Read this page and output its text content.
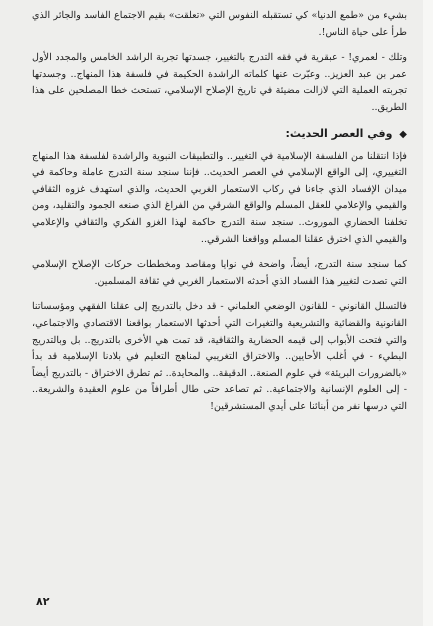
بشيء من «طمع الدنيا» كي تستقبله النفوس التي «تعلقت» بقيم الاجتماع الفاسد والجائر الذي طرأ على حياة الناس!.

وتلك - لعمري! - عبقرية في فقه التدرج بالتغيير، جسدتها تجربة الراشد الخامس والمجدد الأول عمر بن عبد العزيز.. وعبّرت عنها كلماته الراشدة الحكيمة في فلسفة هذا المنهاج.. وجسدتها تجربته العملية التي لازالت مضيئة في تاريخ الإصلاح الإسلامي، تستحث خطا المصلحين على هذا الطريق..

◆ وفي العصر الحديث:

فإذا انتقلنا من الفلسفة الإسلامية في التغيير.. والتطبيقات النبوية والراشدة لفلسفة هذا المنهاج التغييري، إلى الواقع الإسلامي في العصر الحديث.. فإننا سنجد سنة التدرج عاملة وحاكمة في ميدان الإفساد الذي جاءنا في ركاب الاستعمار الغربي الحديث، والذي استهدف غزوه الثقافي والقيمي والإعلامي للعقل المسلم والواقع الشرقي من الفراغ الذي صنعه الجمود والتقليد، ومن تخلفنا الحضاري الموروث.. سنجد سنة التدرج حاكمة لهذا الغزو الفكري والثقافي والإعلامي والقيمي الذي اخترق عقلنا المسلم وواقعنا الشرقي..

كما سنجد سنة التدرج، أيضاً، واضحة في نوايا ومقاصد ومخططات حركات الإصلاح الإسلامي التي تصدت لتغيير هذا الفساد الذي أحدثه الاستعمار الغربي في ثقافة المسلمين.

فالتسلل القانوني - للقانون الوضعي العلماني - قد دخل بالتدريج إلى عقلنا الفقهي ومؤسساتنا القانونية والقضائية والتشريعية والتغيرات التي أحدثها الاستعمار بواقعنا الاقتصادي والاجتماعي، والتي فتحت الأبواب إلى قيمه الحضارية والثقافية، قد تمت هي الأخرى بالتدريج.. بل وبالتدريج البطيء - في أغلب الأحايين.. والاختراق التغريبي لمناهج التعليم في بلادنا الإسلامية قد بدأ «بالضرورات البريئة» في علوم الصنعة.. الدقيقة.. والمحايدة.. ثم تطرق الاختراق - بالتدريج أيضاً - إلى العلوم الإنسانية والاجتماعية.. ثم تصاعد حتى طال أطرافاً من علوم العقيدة والشريعة.. التي درسها نفر من أبنائنا على أيدي المستشرقين!

٨٢
